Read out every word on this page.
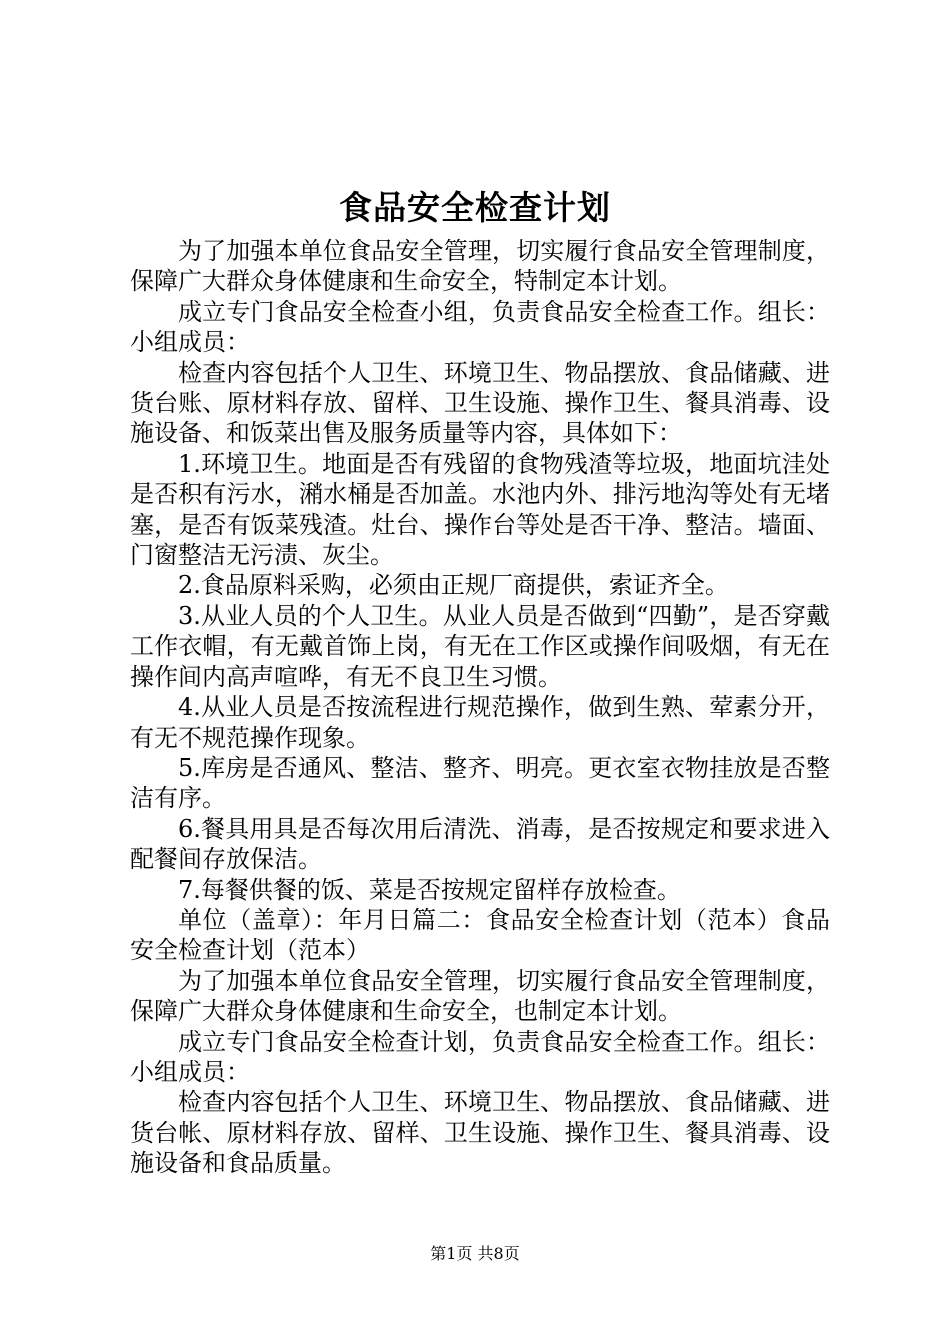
食品安全检查计划

为了加强本单位食品安全管理，切实履行食品安全管理制度，保障广大群众身体健康和生命安全，特制定本计划。

成立专门食品安全检查小组，负责食品安全检查工作。组长：小组成员：

检查内容包括个人卫生、环境卫生、物品摆放、食品储藏、进货台账、原材料存放、留样、卫生设施、操作卫生、餐具消毒、设施设备、和饭菜出售及服务质量等内容，具体如下：

1.环境卫生。地面是否有残留的食物残渣等垃圾，地面坑洼处是否积有污水，潲水桶是否加盖。水池内外、排污地沟等处有无堵塞，是否有饭菜残渣。灶台、操作台等处是否干净、整洁。墙面、门窗整洁无污渍、灰尘。

2.食品原料采购，必须由正规厂商提供，索证齐全。

3.从业人员的个人卫生。从业人员是否做到“四勤”，是否穿戴工作衣帽，有无戴首饰上岗，有无在工作区或操作间吸烟，有无在操作间内高声喧哗，有无不良卫生习惯。

4.从业人员是否按流程进行规范操作，做到生熟、荤素分开，有无不规范操作现象。

5.库房是否通风、整洁、整齐、明亮。更衣室衣物挂放是否整洁有序。

6.餐具用具是否每次用后清洗、消毒，是否按规定和要求进入配餐间存放保洁。

7.每餐供餐的饭、菜是否按规定留样存放检查。

单位（盖章）：年月日篇二：食品安全检查计划（范本）食品安全检查计划（范本）

为了加强本单位食品安全管理，切实履行食品安全管理制度，保障广大群众身体健康和生命安全，也制定本计划。

成立专门食品安全检查计划，负责食品安全检查工作。组长：小组成员：

检查内容包括个人卫生、环境卫生、物品摆放、食品储藏、进货台帐、原材料存放、留样、卫生设施、操作卫生、餐具消毒、设施设备和食品质量。

第1页 共8页
